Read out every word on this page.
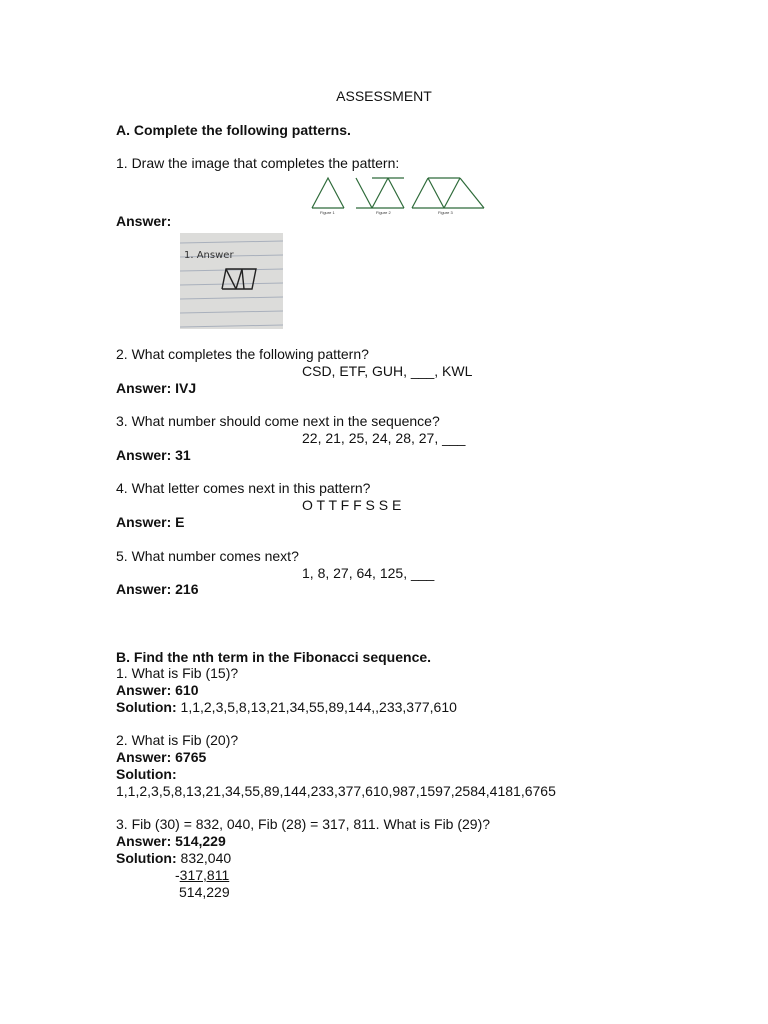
ASSESSMENT
A. Complete the following patterns.
1. Draw the image that completes the pattern:
Figure 1	Figure 2	Figure 3
Answer:
1. Answer
2. What completes the following pattern?
CSD, ETF, GUH, ___, KWL
Answer: IVJ
3. What number should come next in the sequence?
22, 21, 25, 24, 28, 27, ___
Answer: 31
4. What letter comes next in this pattern?
O T T F F S S E
Answer: E
5. What number comes next?
1, 8, 27, 64, 125, ___
Answer: 216
B. Find the nth term in the Fibonacci sequence.
1. What is Fib (15)?
Answer: 610
Solution: 1,1,2,3,5,8,13,21,34,55,89,144,,233,377,610
2. What is Fib (20)?
Answer: 6765
Solution:
1,1,2,3,5,8,13,21,34,55,89,144,233,377,610,987,1597,2584,4181,6765
3. Fib (30) = 832, 040, Fib (28) = 317, 811. What is Fib (29)?
Answer: 514,229
Solution: 832,040
-317,811
514,229
